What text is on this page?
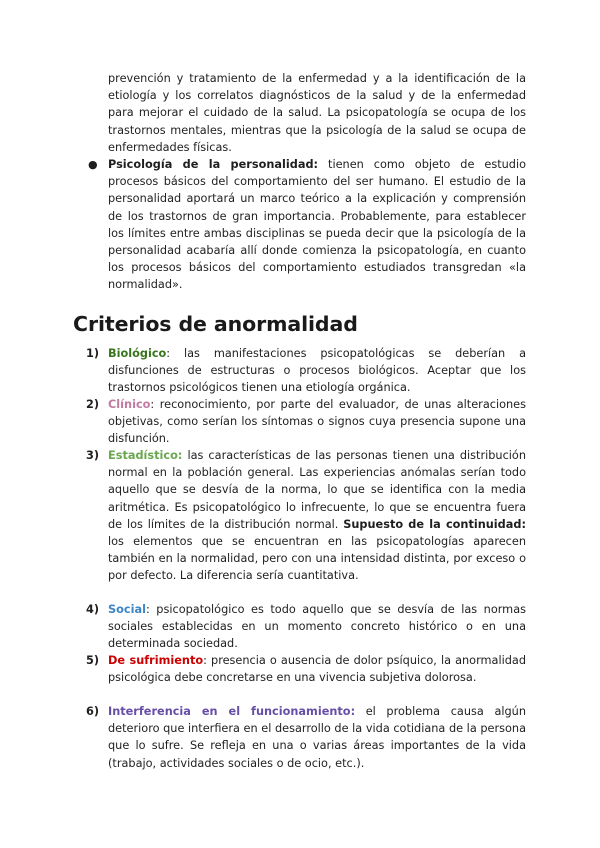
prevención y tratamiento de la enfermedad y a la identificación de la etiología y los correlatos diagnósticos de la salud y de la enfermedad para mejorar el cuidado de la salud. La psicopatología se ocupa de los trastornos mentales, mientras que la psicología de la salud se ocupa de enfermedades físicas.
● Psicología de la personalidad: tienen como objeto de estudio procesos básicos del comportamiento del ser humano. El estudio de la personalidad aportará un marco teórico a la explicación y comprensión de los trastornos de gran importancia. Probablemente, para establecer los límites entre ambas disciplinas se pueda decir que la psicología de la personalidad acabaría allí donde comienza la psicopatología, en cuanto los procesos básicos del comportamiento estudiados transgredan «la normalidad».
Criterios de anormalidad
1) Biológico: las manifestaciones psicopatológicas se deberían a disfunciones de estructuras o procesos biológicos. Aceptar que los trastornos psicológicos tienen una etiología orgánica.
2) Clínico: reconocimiento, por parte del evaluador, de unas alteraciones objetivas, como serían los síntomas o signos cuya presencia supone una disfunción.
3) Estadístico: las características de las personas tienen una distribución normal en la población general. Las experiencias anómalas serían todo aquello que se desvía de la norma, lo que se identifica con la media aritmética. Es psicopatológico lo infrecuente, lo que se encuentra fuera de los límites de la distribución normal. Supuesto de la continuidad: los elementos que se encuentran en las psicopatologías aparecen también en la normalidad, pero con una intensidad distinta, por exceso o por defecto. La diferencia sería cuantitativa.
4) Social: psicopatológico es todo aquello que se desvía de las normas sociales establecidas en un momento concreto histórico o en una determinada sociedad.
5) De sufrimiento: presencia o ausencia de dolor psíquico, la anormalidad psicológica debe concretarse en una vivencia subjetiva dolorosa.
6) Interferencia en el funcionamiento: el problema causa algún deterioro que interfiera en el desarrollo de la vida cotidiana de la persona que lo sufre. Se refleja en una o varias áreas importantes de la vida (trabajo, actividades sociales o de ocio, etc.).
